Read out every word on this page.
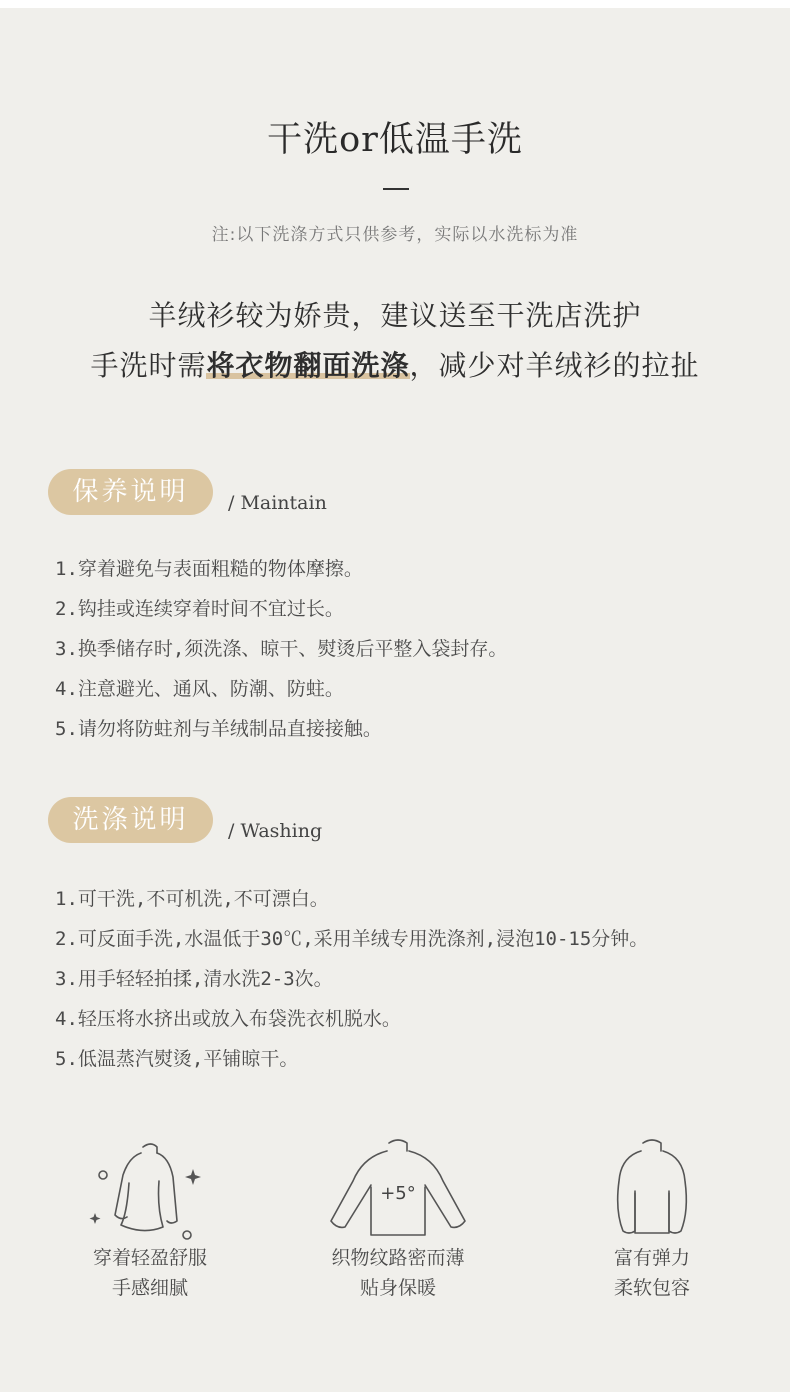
干洗or低温手洗
注:以下洗涤方式只供参考，实际以水洗标为准
羊绒衫较为娇贵，建议送至干洗店洗护
手洗时需将衣物翻面洗涤，减少对羊绒衫的拉扯
保养说明	/ Maintain
1.穿着避免与表面粗糙的物体摩擦。
2.钩挂或连续穿着时间不宜过长。
3.换季储存时,须洗涤、晾干、熨烫后平整入袋封存。
4.注意避光、通风、防潮、防蛀。
5.请勿将防蛀剂与羊绒制品直接接触。
洗涤说明	/ Washing
1.可干洗,不可机洗,不可漂白。
2.可反面手洗,水温低于30℃,采用羊绒专用洗涤剂,浸泡10-15分钟。
3.用手轻轻拍揉,清水洗2-3次。
4.轻压将水挤出或放入布袋洗衣机脱水。
5.低温蒸汽熨烫,平铺晾干。
穿着轻盈舒服
手感细腻
+5°
织物纹路密而薄
贴身保暖
富有弹力
柔软包容
